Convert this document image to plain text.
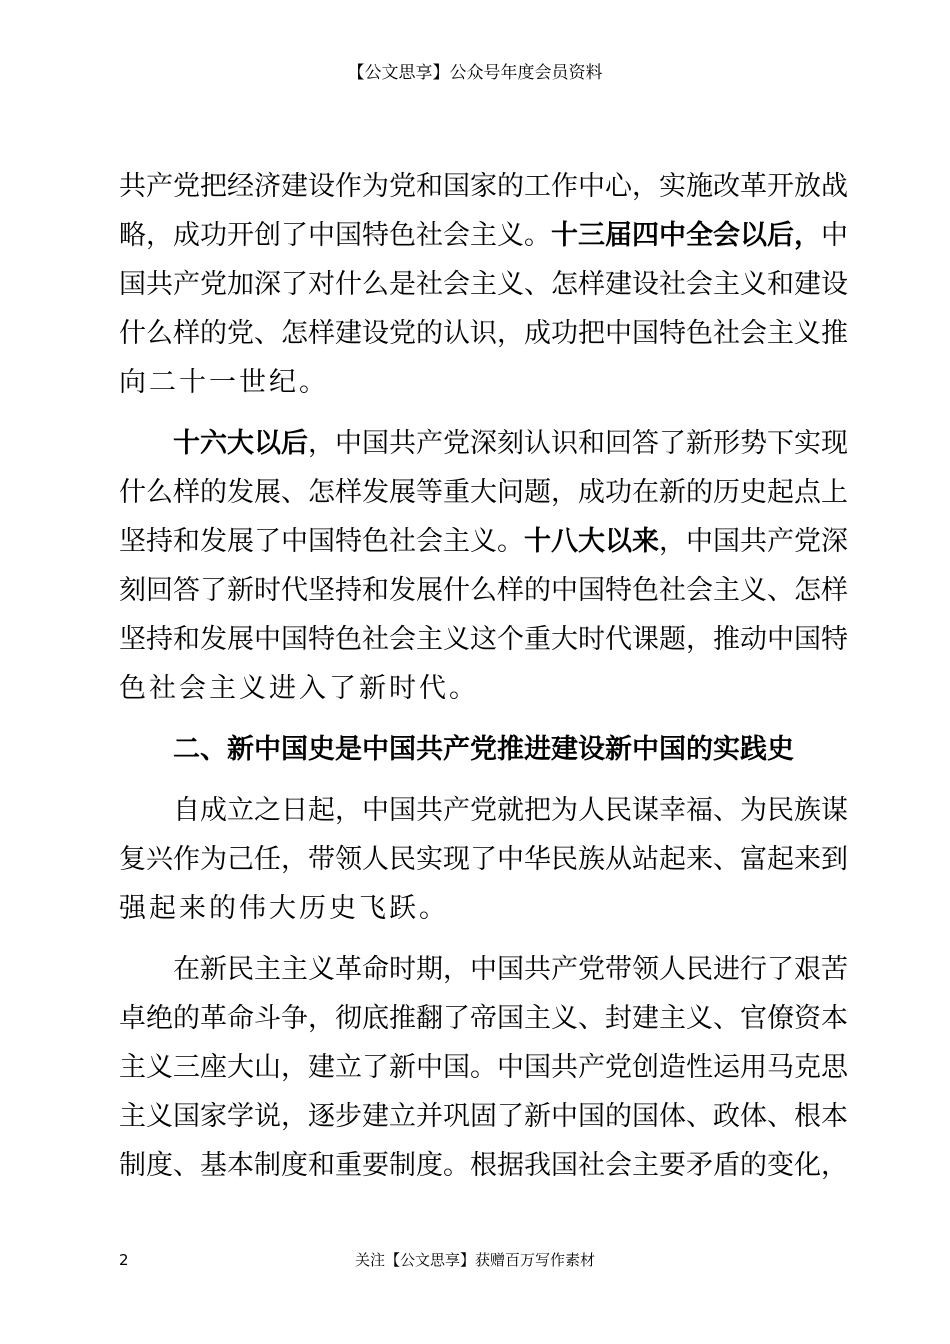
【公文思享】公众号年度会员资料
共产党把经济建设作为党和国家的工作中心，实施改革开放战
略，成功开创了中国特色社会主义。十三届四中全会以后，中
国共产党加深了对什么是社会主义、怎样建设社会主义和建设
什么样的党、怎样建设党的认识，成功把中国特色社会主义推
向二十一世纪。
十六大以后，中国共产党深刻认识和回答了新形势下实现
什么样的发展、怎样发展等重大问题，成功在新的历史起点上
坚持和发展了中国特色社会主义。十八大以来，中国共产党深
刻回答了新时代坚持和发展什么样的中国特色社会主义、怎样
坚持和发展中国特色社会主义这个重大时代课题，推动中国特
色社会主义进入了新时代。
二、新中国史是中国共产党推进建设新中国的实践史
自成立之日起，中国共产党就把为人民谋幸福、为民族谋
复兴作为己任，带领人民实现了中华民族从站起来、富起来到
强起来的伟大历史飞跃。
在新民主主义革命时期，中国共产党带领人民进行了艰苦
卓绝的革命斗争，彻底推翻了帝国主义、封建主义、官僚资本
主义三座大山，建立了新中国。中国共产党创造性运用马克思
主义国家学说，逐步建立并巩固了新中国的国体、政体、根本
制度、基本制度和重要制度。根据我国社会主要矛盾的变化，
关注【公文思享】获赠百万写作素材
2
